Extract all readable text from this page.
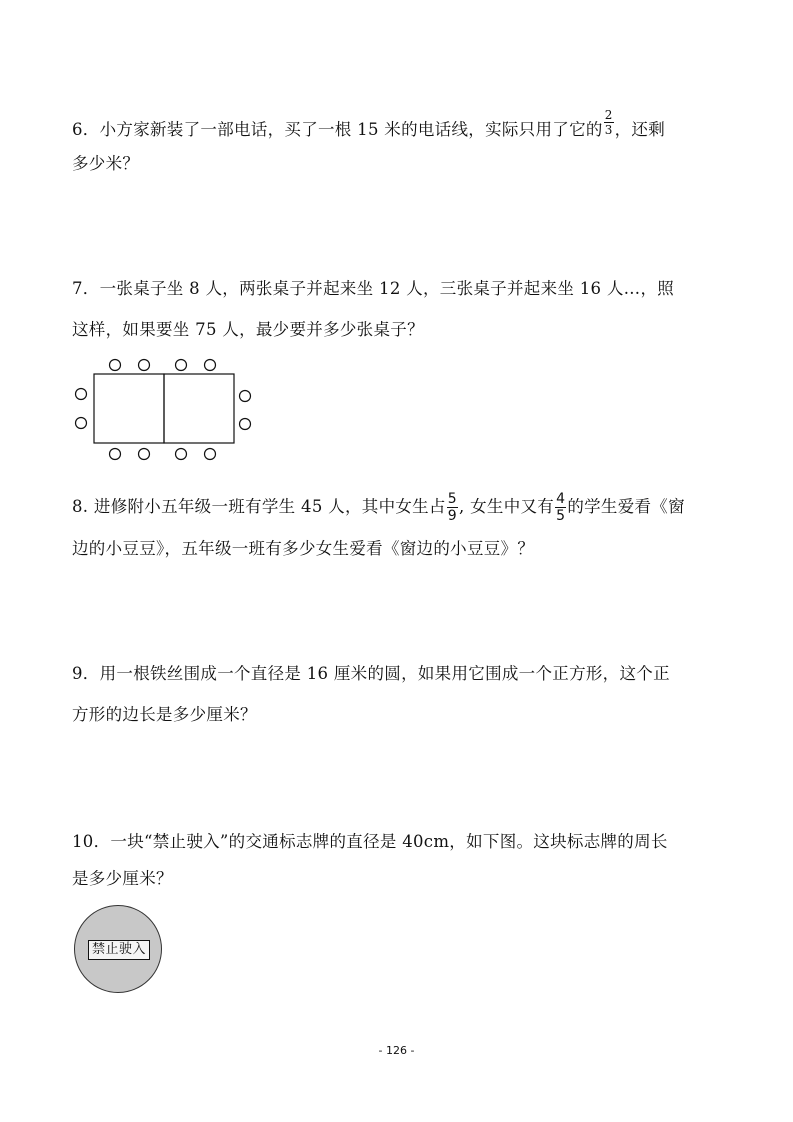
6．小方家新装了一部电话，买了一根 15 米的电话线，实际只用了它的 $\frac{2}{3}$ ，还剩
多少米？
7．一张桌子坐 8 人，两张桌子并起来坐 12 人，三张桌子并起来坐 16 人…，照
这样，如果要坐 75 人，最少要并多少张桌子？
8. 进修附小五年级一班有学生 45 人，其中女生占 $\frac{5}{9}$ , 女生中又有 $\frac{4}{5}$ 的学生爱看《窗
边的小豆豆》，五年级一班有多少女生爱看《窗边的小豆豆》？
9．用一根铁丝围成一个直径是 16 厘米的圆，如果用它围成一个正方形，这个正
方形的边长是多少厘米？
10．一块“禁止驶入”的交通标志牌的直径是 40cm，如下图。这块标志牌的周长
是多少厘米？
禁止驶入
- 126 -
